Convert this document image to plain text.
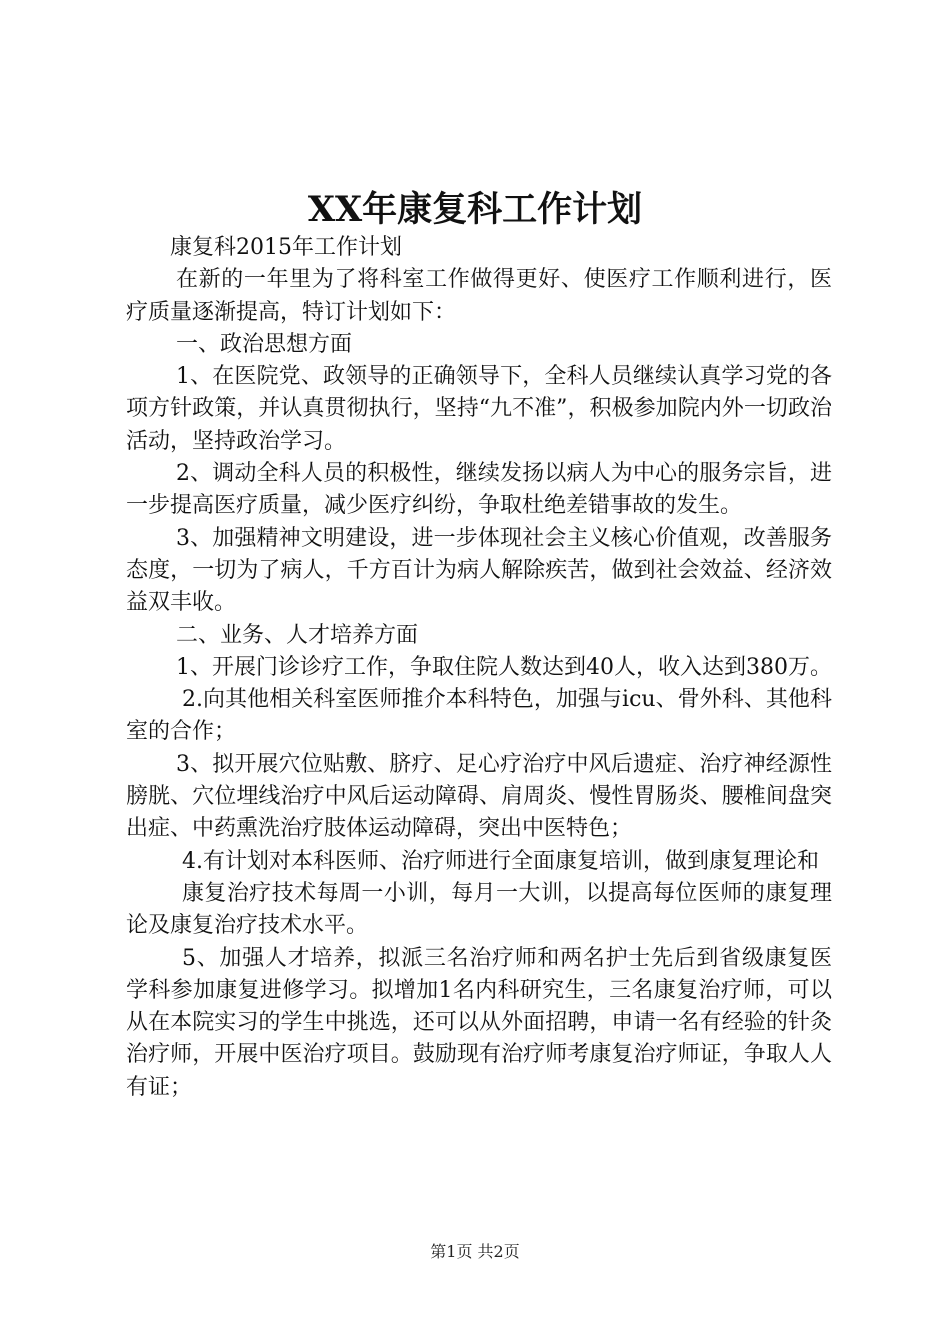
XX年康复科工作计划

康复科2015年工作计划

在新的一年里为了将科室工作做得更好、使医疗工作顺利进行，医疗质量逐渐提高，特订计划如下：

一、政治思想方面

1、在医院党、政领导的正确领导下，全科人员继续认真学习党的各项方针政策，并认真贯彻执行，坚持“九不准”，积极参加院内外一切政治活动，坚持政治学习。

2、调动全科人员的积极性，继续发扬以病人为中心的服务宗旨，进一步提高医疗质量，减少医疗纠纷，争取杜绝差错事故的发生。

3、加强精神文明建设，进一步体现社会主义核心价值观，改善服务态度，一切为了病人，千方百计为病人解除疾苦，做到社会效益、经济效益双丰收。

二、业务、人才培养方面

1、开展门诊诊疗工作，争取住院人数达到40人，收入达到380万。

2.向其他相关科室医师推介本科特色，加强与icu、骨外科、其他科室的合作；

3、拟开展穴位贴敷、脐疗、足心疗治疗中风后遗症、治疗神经源性膀胱、穴位埋线治疗中风后运动障碍、肩周炎、慢性胃肠炎、腰椎间盘突出症、中药熏洗治疗肢体运动障碍，突出中医特色；

4.有计划对本科医师、治疗师进行全面康复培训，做到康复理论和

康复治疗技术每周一小训，每月一大训，以提高每位医师的康复理论及康复治疗技术水平。

5、加强人才培养，拟派三名治疗师和两名护士先后到省级康复医学科参加康复进修学习。拟增加1名内科研究生，三名康复治疗师，可以从在本院实习的学生中挑选，还可以从外面招聘，申请一名有经验的针灸治疗师，开展中医治疗项目。鼓励现有治疗师考康复治疗师证，争取人人有证；

第1页 共2页
